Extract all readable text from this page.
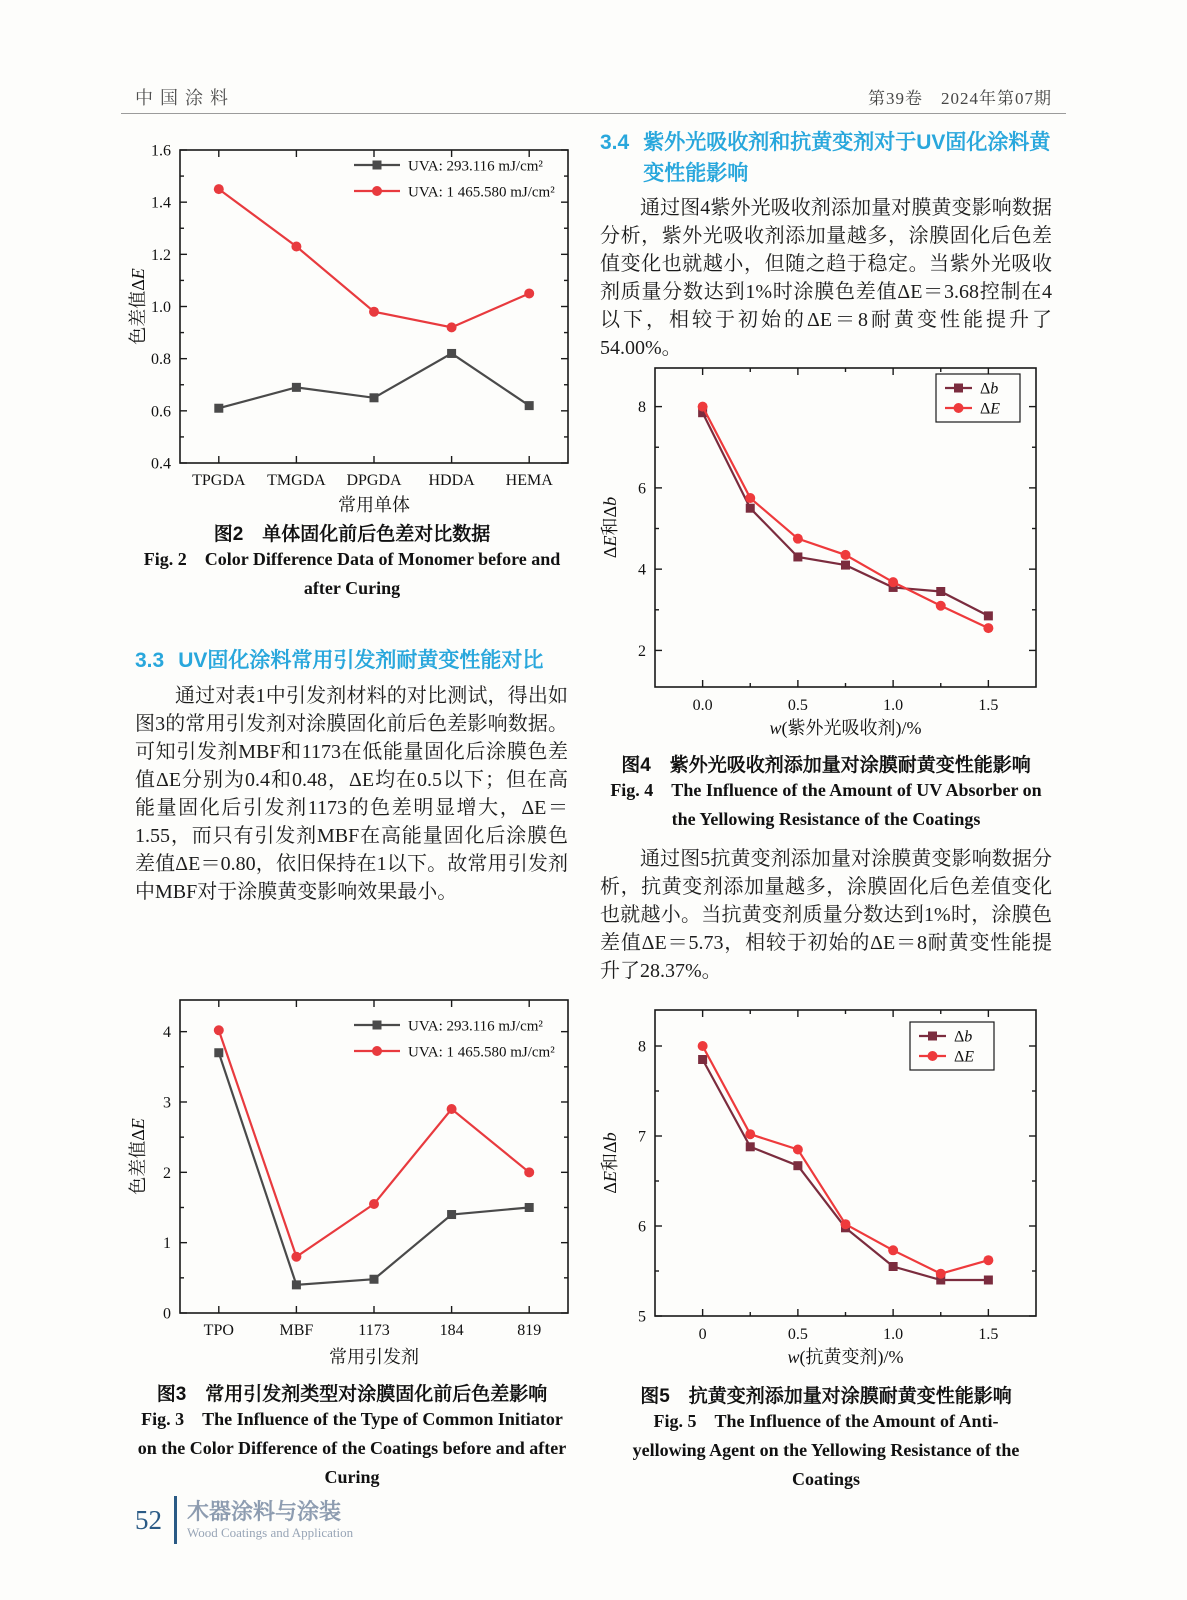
中国涂料	第39卷　2024年第07期
0.4
0.6
0.8
1.0
1.2
1.4
1.6
TPGDA TMGDA DPGDA HDDA HEMA
UVA: 293.116 mJ/cm²
UVA: 1 465.580 mJ/cm²
常用单体
色差值ΔE
图2　单体固化前后色差对比数据
Fig. 2　Color Difference Data of Monomer before and after Curing
3.3 UV固化涂料常用引发剂耐黄变性能对比
通过对表1中引发剂材料的对比测试，得出如图3的常用引发剂对涂膜固化前后色差影响数据。可知引发剂MBF和1173在低能量固化后涂膜色差值ΔE分别为0.4和0.48，ΔE均在0.5以下；但在高能量固化后引发剂1173的色差明显增大，ΔE＝1.55，而只有引发剂MBF在高能量固化后涂膜色差值ΔE＝0.80，依旧保持在1以下。故常用引发剂中MBF对于涂膜黄变影响效果最小。
0
1
2
3
4
TPO	MBF	1173	184	819
UVA: 293.116 mJ/cm²
UVA: 1 465.580 mJ/cm²
常用引发剂
色差值ΔE
图3　常用引发剂类型对涂膜固化前后色差影响
Fig. 3　The Influence of the Type of Common Initiator on the Color Difference of the Coatings before and after Curing
3.4 紫外光吸收剂和抗黄变剂对于UV固化涂料黄变性能影响
通过图4紫外光吸收剂添加量对膜黄变影响数据分析，紫外光吸收剂添加量越多，涂膜固化后色差值变化也就越小，但随之趋于稳定。当紫外光吸收剂质量分数达到1%时涂膜色差值ΔE＝3.68控制在4以下，相较于初始的ΔE＝8耐黄变性能提升了54.00%。
2
4
6
8
0.0	0.5	1.0	1.5
Δb
ΔE
w(紫外光吸收剂)/%
ΔE和Δb
图4　紫外光吸收剂添加量对涂膜耐黄变性能影响
Fig. 4　The Influence of the Amount of UV Absorber on the Yellowing Resistance of the Coatings
通过图5抗黄变剂添加量对涂膜黄变影响数据分析，抗黄变剂添加量越多，涂膜固化后色差值变化也就越小。当抗黄变剂质量分数达到1%时，涂膜色差值ΔE＝5.73，相较于初始的ΔE＝8耐黄变性能提升了28.37%。
5
6
7
8
0	0.5	1.0	1.5
Δb
ΔE
w(抗黄变剂)/%
ΔE和Δb
图5　抗黄变剂添加量对涂膜耐黄变性能影响
Fig. 5　The Influence of the Amount of Anti-yellowing Agent on the Yellowing Resistance of the Coatings
52 木器涂料与涂装
Wood Coatings and Application
